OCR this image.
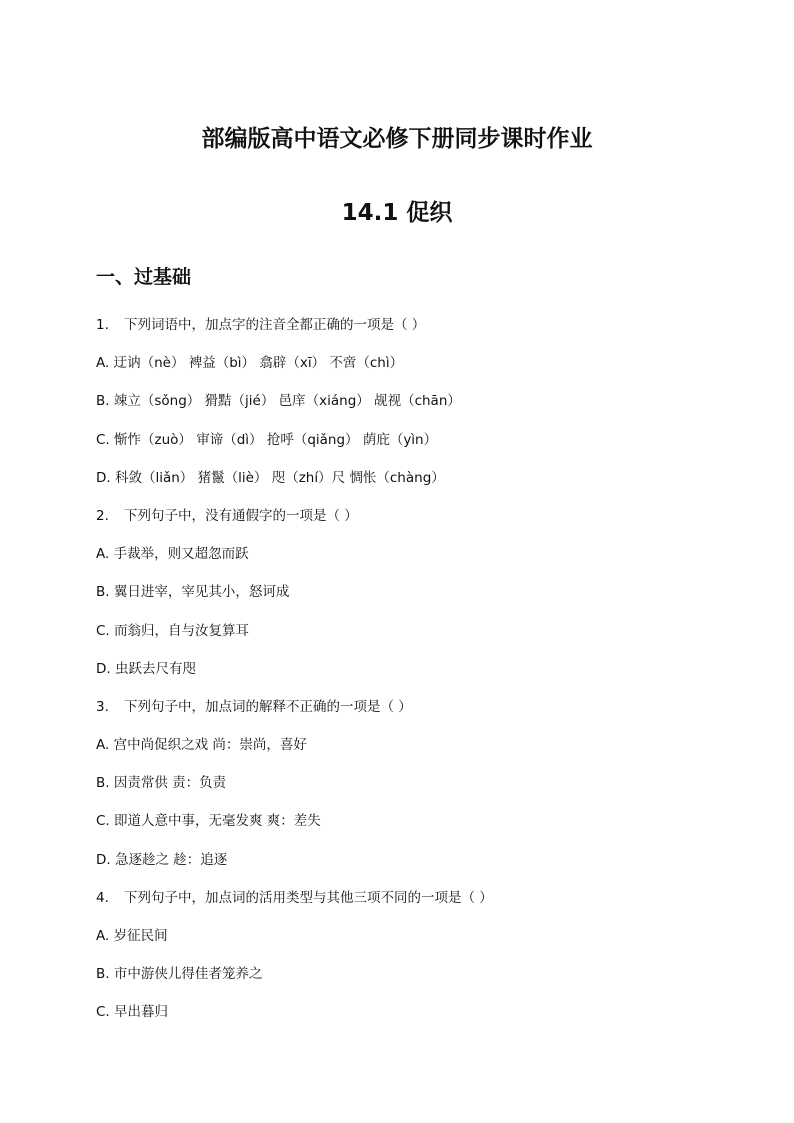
部编版高中语文必修下册同步课时作业
14.1 促织
一、过基础
1. 下列词语中，加点字的注音全都正确的一项是（ ）
A. 迂讷（nè） 裨益（bì） 翕辟（xī） 不啻（chì）
B. 竦立（sǒng） 猾黠（jié） 邑庠（xiáng） 觇视（chān）
C. 惭怍（zuò） 审谛（dì） 抢呼（qiǎng） 荫庇（yìn）
D. 科敛（liǎn） 猪鬣（liè） 咫（zhí）尺 惆怅（chàng）
2. 下列句子中，没有通假字的一项是（ ）
A. 手裁举，则又超忽而跃
B. 翼日进宰，宰见其小，怒诃成
C. 而翁归，自与汝复算耳
D. 虫跃去尺有咫
3. 下列句子中，加点词的解释不正确的一项是（ ）
A. 宫中尚促织之戏 尚：崇尚，喜好
B. 因责常供 责：负责
C. 即道人意中事，无毫发爽 爽：差失
D. 急逐趁之 趁：追逐
4. 下列句子中，加点词的活用类型与其他三项不同的一项是（ ）
A. 岁征民间
B. 市中游侠儿得佳者笼养之
C. 早出暮归
